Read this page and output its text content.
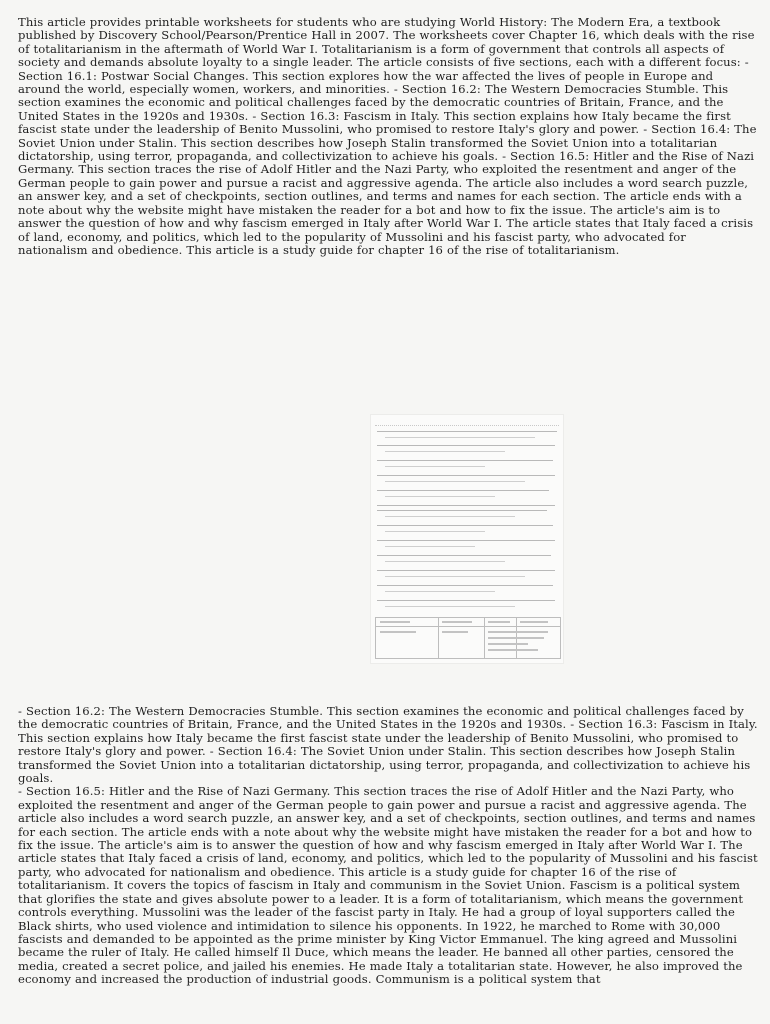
This article provides printable worksheets for students who are studying World History: The Modern Era, a textbook published by Discovery School/Pearson/Prentice Hall in 2007. The worksheets cover Chapter 16, which deals with the rise of totalitarianism in the aftermath of World War I. Totalitarianism is a form of government that controls all aspects of society and demands absolute loyalty to a single leader. The article consists of five sections, each with a different focus: - Section 16.1: Postwar Social Changes. This section explores how the war affected the lives of people in Europe and around the world, especially women, workers, and minorities. - Section 16.2: The Western Democracies Stumble. This section examines the economic and political challenges faced by the democratic countries of Britain, France, and the United States in the 1920s and 1930s. - Section 16.3: Fascism in Italy. This section explains how Italy became the first fascist state under the leadership of Benito Mussolini, who promised to restore Italy's glory and power. - Section 16.4: The Soviet Union under Stalin. This section describes how Joseph Stalin transformed the Soviet Union into a totalitarian dictatorship, using terror, propaganda, and collectivization to achieve his goals. - Section 16.5: Hitler and the Rise of Nazi Germany. This section traces the rise of Adolf Hitler and the Nazi Party, who exploited the resentment and anger of the German people to gain power and pursue a racist and aggressive agenda. The article also includes a word search puzzle, an answer key, and a set of checkpoints, section outlines, and terms and names for each section. The article ends with a note about why the website might have mistaken the reader for a bot and how to fix the issue. The article's aim is to answer the question of how and why fascism emerged in Italy after World War I. The article states that Italy faced a crisis of land, economy, and politics, which led to the popularity of Mussolini and his fascist party, who advocated for nationalism and obedience. This article is a study guide for chapter 16 of the rise of totalitarianism.

- Section 16.2: The Western Democracies Stumble. This section examines the economic and political challenges faced by the democratic countries of Britain, France, and the United States in the 1920s and 1930s. - Section 16.3: Fascism in Italy.
This section explains how Italy became the first fascist state under the leadership of Benito Mussolini, who promised to restore Italy's glory and power. - Section 16.4: The Soviet Union under Stalin. This section describes how Joseph Stalin transformed the Soviet Union into a totalitarian dictatorship, using terror, propaganda, and collectivization to achieve his goals.
- Section 16.5: Hitler and the Rise of Nazi Germany. This section traces the rise of Adolf Hitler and the Nazi Party, who exploited the resentment and anger of the German people to gain power and pursue a racist and aggressive agenda. The article also includes a word search puzzle, an answer key, and a set of checkpoints, section outlines, and terms and names for each section. The article ends with a note about why the website might have mistaken the reader for a bot and how to fix the issue. The article's aim is to answer the question of how and why fascism emerged in Italy after World War I. The article states that Italy faced a crisis of land, economy, and politics, which led to the popularity of Mussolini and his fascist party, who advocated for nationalism and obedience. This article is a study guide for chapter 16 of the rise of totalitarianism. It covers the topics of fascism in Italy and communism in the Soviet Union. Fascism is a political system that glorifies the state and gives absolute power to a leader. It is a form of totalitarianism, which means the government controls everything. Mussolini was the leader of the fascist party in Italy. He had a group of loyal supporters called the Black shirts, who used violence and intimidation to silence his opponents. In 1922, he marched to Rome with 30,000 fascists and demanded to be appointed as the prime minister by King Victor Emmanuel. The king agreed and Mussolini became the ruler of Italy. He called himself Il Duce, which means the leader. He banned all other parties, censored the media, created a secret police, and jailed his enemies. He made Italy a totalitarian state. However, he also improved the economy and increased the production of industrial goods. Communism is a political system that
